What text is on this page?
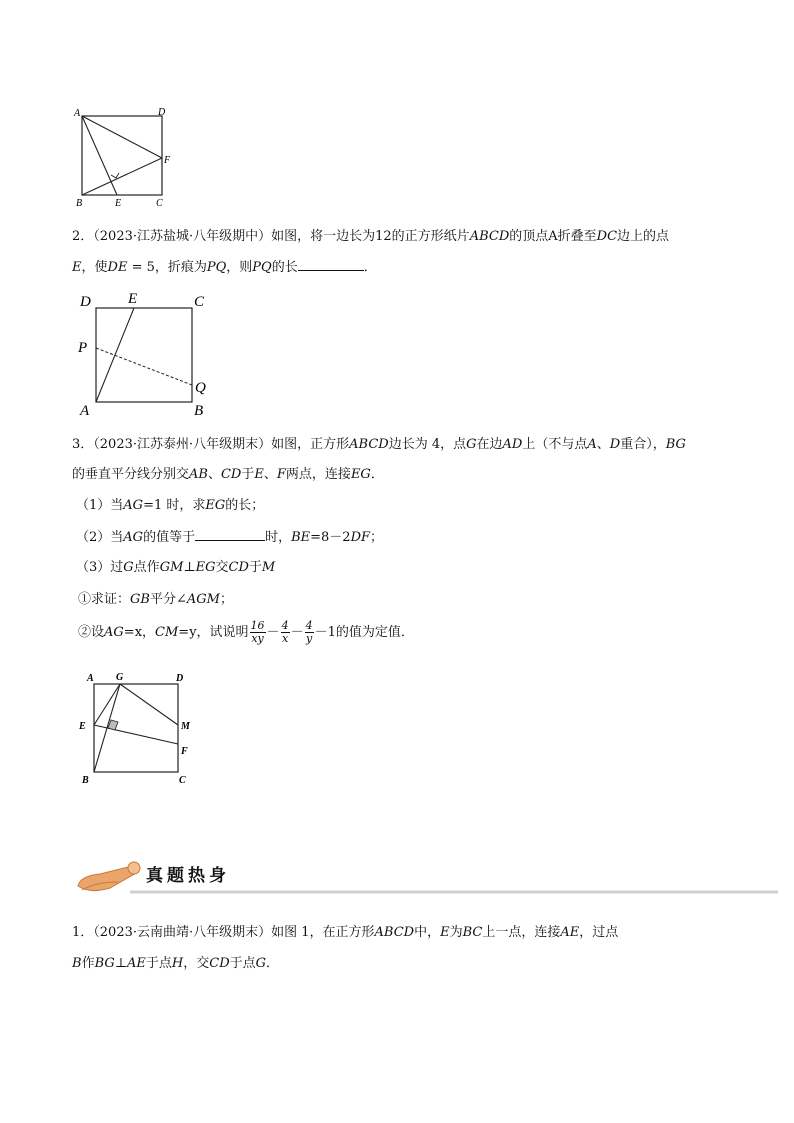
A	D
F
B	E	C
2．（2023·江苏盐城·八年级期中）如图，将一边长为12的正方形纸片ABCD的顶点A折叠至DC边上的点
E，使DE = 5，折痕为PQ，则PQ的长	．
D E	C
P
Q
A	B
3．（2023·江苏泰州·八年级期末）如图，正方形ABCD边长为 4，点G在边AD上（不与点A、D重合），BG
的垂直平分线分别交AB、CD于E、F两点，连接EG．
（1）当AG=1 时，求EG的长；
（2）当AG的值等于	时，BE=8－2DF；
（3）过G点作GM⊥EG交CD于M
①求证：GB平分∠AGM；
②设AG=x，CM=y，试说明 $\frac{16}{xy} - \frac{4}{x} - \frac{4}{y} -1$的值为定值．
A G	D
E	M
F
B	C
真题热身
1．（2023·云南曲靖·八年级期末）如图 1，在正方形ABCD中，E为BC上一点，连接AE，过点
B作BG⊥AE于点H，交CD于点G．
